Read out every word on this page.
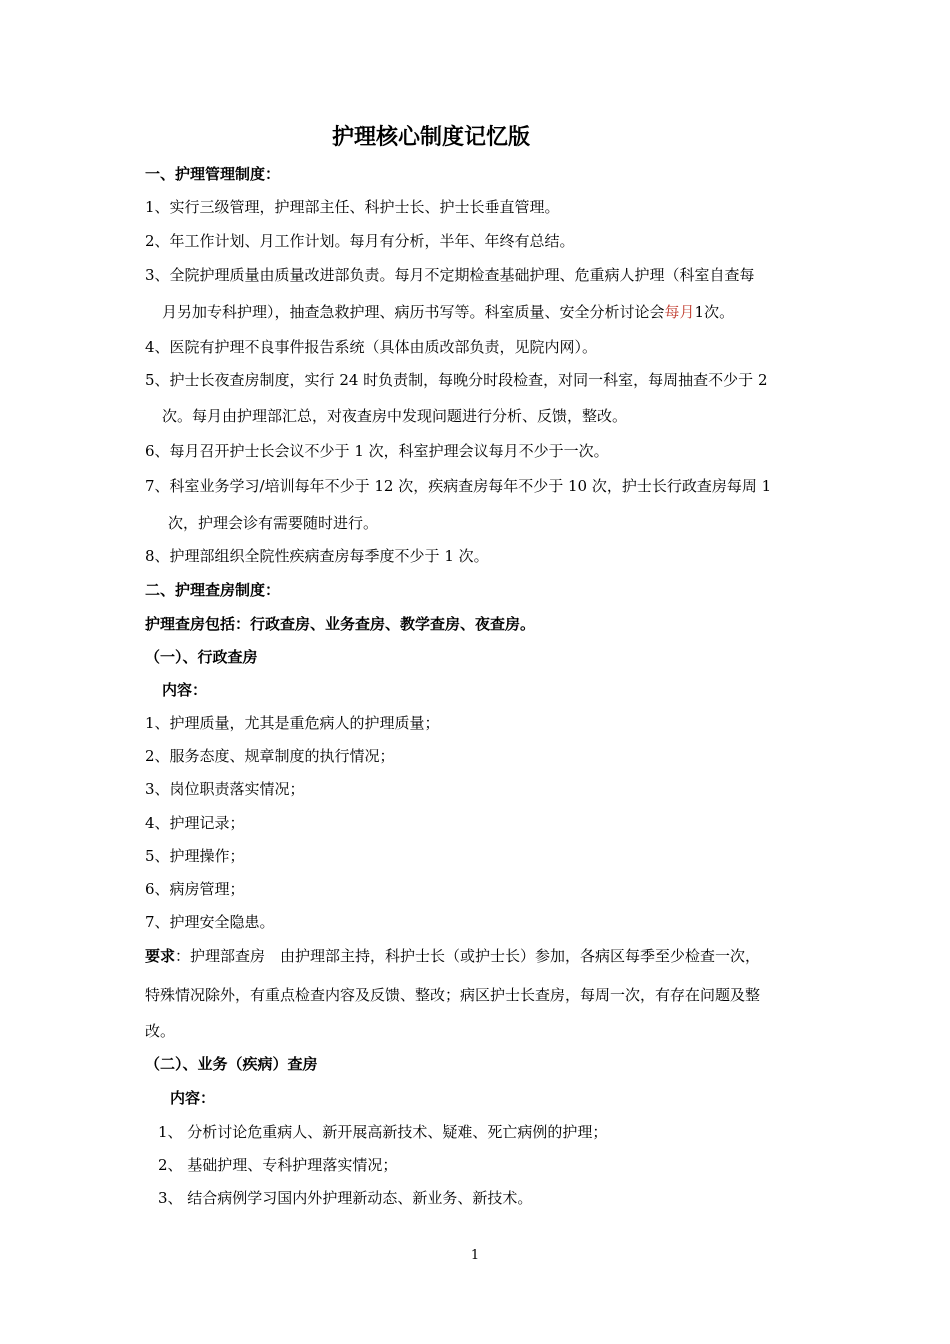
护理核心制度记忆版
一、护理管理制度：
1、实行三级管理，护理部主任、科护士长、护士长垂直管理。
2、年工作计划、月工作计划。每月有分析，半年、年终有总结。
3、全院护理质量由质量改进部负责。每月不定期检查基础护理、危重病人护理（科室自查每
月另加专科护理），抽查急救护理、病历书写等。科室质量、安全分析讨论会每月1次。
4、医院有护理不良事件报告系统（具体由质改部负责，见院内网）。
5、护士长夜查房制度，实行 24 时负责制，每晚分时段检查，对同一科室，每周抽查不少于 2
次。每月由护理部汇总，对夜查房中发现问题进行分析、反馈，整改。
6、每月召开护士长会议不少于 1 次，科室护理会议每月不少于一次。
7、科室业务学习/培训每年不少于 12 次，疾病查房每年不少于 10 次，护士长行政查房每周 1
次，护理会诊有需要随时进行。
8、护理部组织全院性疾病查房每季度不少于 1 次。
二、护理查房制度：
护理查房包括：行政查房、业务查房、教学查房、夜查房。
（一）、行政查房
内容：
1、护理质量，尤其是重危病人的护理质量；
2、服务态度、规章制度的执行情况；
3、岗位职责落实情况；
4、护理记录；
5、护理操作；
6、病房管理；
7、护理安全隐患。
要求：护理部查房　由护理部主持，科护士长（或护士长）参加，各病区每季至少检查一次，
特殊情况除外，有重点检查内容及反馈、整改；病区护士长查房，每周一次，有存在问题及整
改。
（二）、业务（疾病）查房
内容：
1、 分析讨论危重病人、新开展高新技术、疑难、死亡病例的护理；
2、 基础护理、专科护理落实情况；
3、 结合病例学习国内外护理新动态、新业务、新技术。
1
